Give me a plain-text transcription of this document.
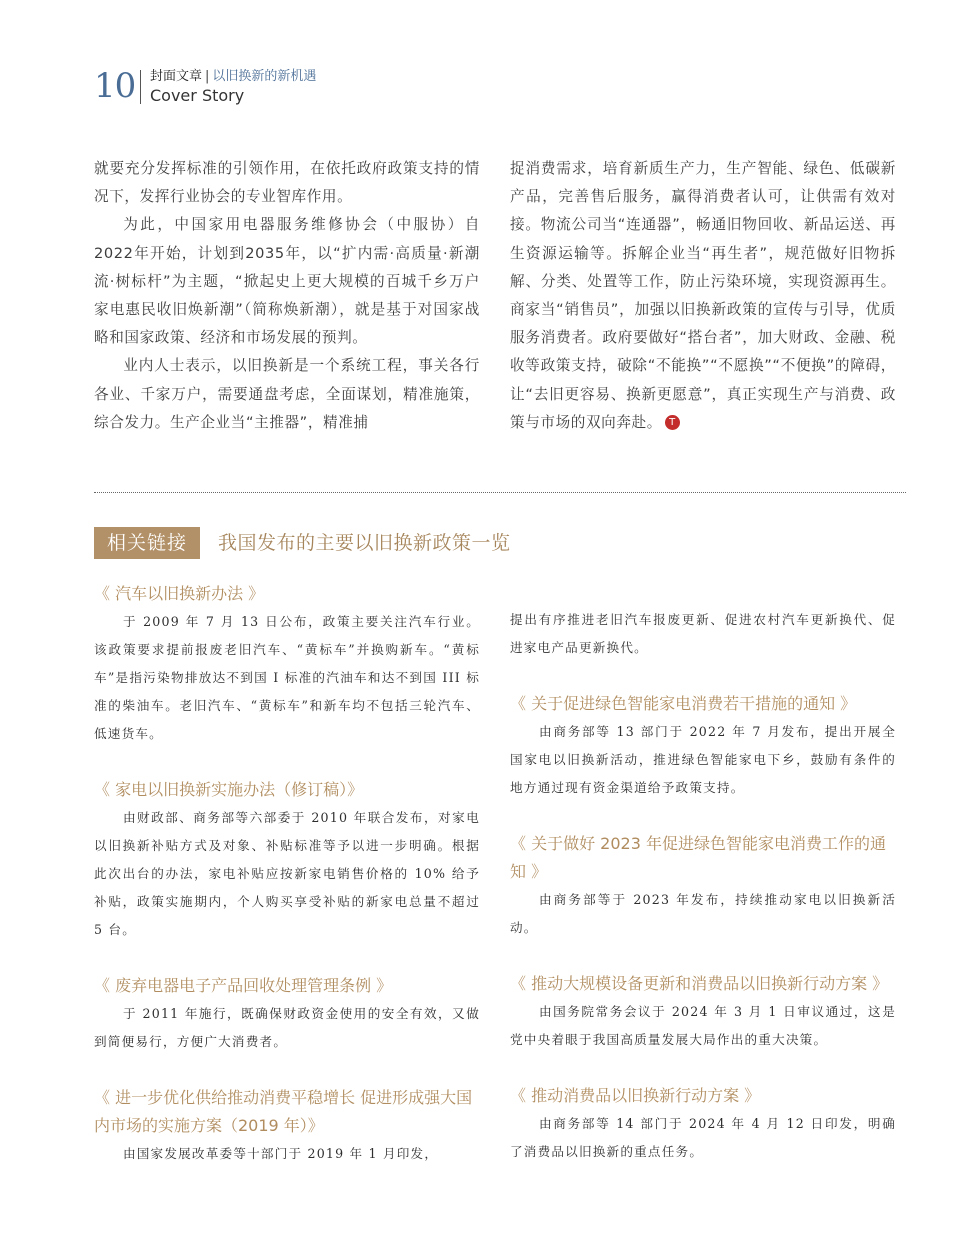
10 封面文章 | 以旧换新的新机遇
Cover Story

就要充分发挥标准的引领作用，在依托政府政策支持的情况下，发挥行业协会的专业智库作用。

为此，中国家用电器服务维修协会（中服协）自2022年开始，计划到2035年，以“扩内需·高质量·新潮流·树标杆”为主题，“掀起史上更大规模的百城千乡万户家电惠民收旧焕新潮”（简称焕新潮），就是基于对国家战略和国家政策、经济和市场发展的预判。

业内人士表示，以旧换新是一个系统工程，事关各行各业、千家万户，需要通盘考虑，全面谋划，精准施策，综合发力。生产企业当“主推器”，精准捕

捉消费需求，培育新质生产力，生产智能、绿色、低碳新产品，完善售后服务，赢得消费者认可，让供需有效对接。物流公司当“连通器”，畅通旧物回收、新品运送、再生资源运输等。拆解企业当“再生者”，规范做好旧物拆解、分类、处置等工作，防止污染环境，实现资源再生。商家当“销售员”，加强以旧换新政策的宣传与引导，优质服务消费者。政府要做好“搭台者”，加大财政、金融、税收等政策支持，破除“不能换”“不愿换”“不便换”的障碍，让“去旧更容易、换新更愿意”，真正实现生产与消费、政策与市场的双向奔赴。 T

相关链接	我国发布的主要以旧换新政策一览

《 汽车以旧换新办法 》

于 2009 年 7 月 13 日公布，政策主要关注汽车行业。该政策要求提前报废老旧汽车、“黄标车”并换购新车。“黄标车”是指污染物排放达不到国 I 标准的汽油车和达不到国 III 标准的柴油车。老旧汽车、“黄标车”和新车均不包括三轮汽车、低速货车。

《 家电以旧换新实施办法（修订稿）》

由财政部、商务部等六部委于 2010 年联合发布，对家电以旧换新补贴方式及对象、补贴标准等予以进一步明确。根据此次出台的办法，家电补贴应按新家电销售价格的 10% 给予补贴，政策实施期内，个人购买享受补贴的新家电总量不超过 5 台。

《 废弃电器电子产品回收处理管理条例 》

于 2011 年施行，既确保财政资金使用的安全有效，又做到简便易行，方便广大消费者。

《 进一步优化供给推动消费平稳增长 促进形成强大国内市场的实施方案（2019 年）》

由国家发展改革委等十部门于 2019 年 1 月印发，

提出有序推进老旧汽车报废更新、促进农村汽车更新换代、促进家电产品更新换代。

《 关于促进绿色智能家电消费若干措施的通知 》

由商务部等 13 部门于 2022 年 7 月发布，提出开展全国家电以旧换新活动，推进绿色智能家电下乡，鼓励有条件的地方通过现有资金渠道给予政策支持。

《 关于做好 2023 年促进绿色智能家电消费工作的通知 》

由商务部等于 2023 年发布，持续推动家电以旧换新活动。

《 推动大规模设备更新和消费品以旧换新行动方案 》

由国务院常务会议于 2024 年 3 月 1 日审议通过，这是党中央着眼于我国高质量发展大局作出的重大决策。

《 推动消费品以旧换新行动方案 》

由商务部等 14 部门于 2024 年 4 月 12 日印发，明确了消费品以旧换新的重点任务。
